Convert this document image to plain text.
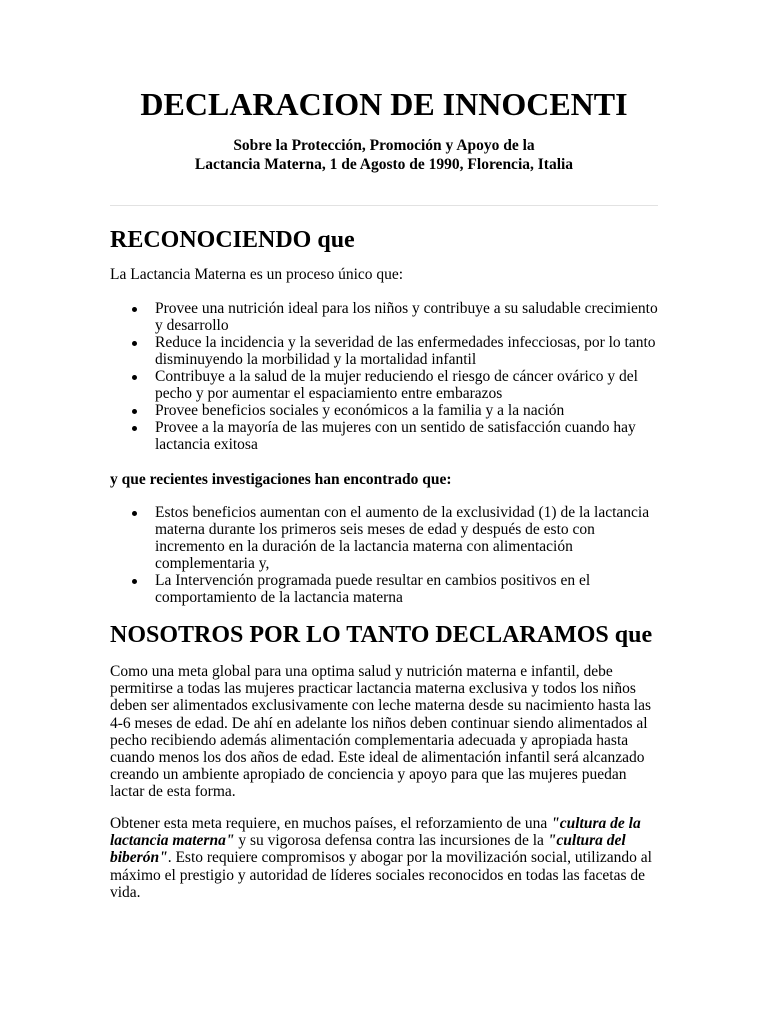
DECLARACION DE INNOCENTI
Sobre la Protección, Promoción y Apoyo de la
Lactancia Materna, 1 de Agosto de 1990, Florencia, Italia
RECONOCIENDO que

La Lactancia Materna es un proceso único que:

Provee una nutrición ideal para los niños y contribuye a su saludable crecimiento y desarrollo
Reduce la incidencia y la severidad de las enfermedades infecciosas, por lo tanto disminuyendo la morbilidad y la mortalidad infantil
Contribuye a la salud de la mujer reduciendo el riesgo de cáncer ovárico y del pecho y por aumentar el espaciamiento entre embarazos
Provee beneficios sociales y económicos a la familia y a la nación
Provee a la mayoría de las mujeres con un sentido de satisfacción cuando hay lactancia exitosa
y que recientes investigaciones han encontrado que:
Estos beneficios aumentan con el aumento de la exclusividad (1) de la lactancia materna durante los primeros seis meses de edad y después de esto con incremento en la duración de la lactancia materna con alimentación complementaria y,
La Intervención programada puede resultar en cambios positivos en el comportamiento de la lactancia materna
NOSOTROS POR LO TANTO DECLARAMOS que

Como una meta global para una optima salud y nutrición materna e infantil, debe permitirse a todas las mujeres practicar lactancia materna exclusiva y todos los niños deben ser alimentados exclusivamente con leche materna desde su nacimiento hasta las 4-6 meses de edad. De ahí en adelante los niños deben continuar siendo alimentados al pecho recibiendo además alimentación complementaria adecuada y apropiada hasta cuando menos los dos años de edad. Este ideal de alimentación infantil será alcanzado creando un ambiente apropiado de conciencia y apoyo para que las mujeres puedan lactar de esta forma.

Obtener esta meta requiere, en muchos países, el reforzamiento de una "cultura de la lactancia materna" y su vigorosa defensa contra las incursiones de la "cultura del biberón". Esto requiere compromisos y abogar por la movilización social, utilizando al máximo el prestigio y autoridad de líderes sociales reconocidos en todas las facetas de vida.
